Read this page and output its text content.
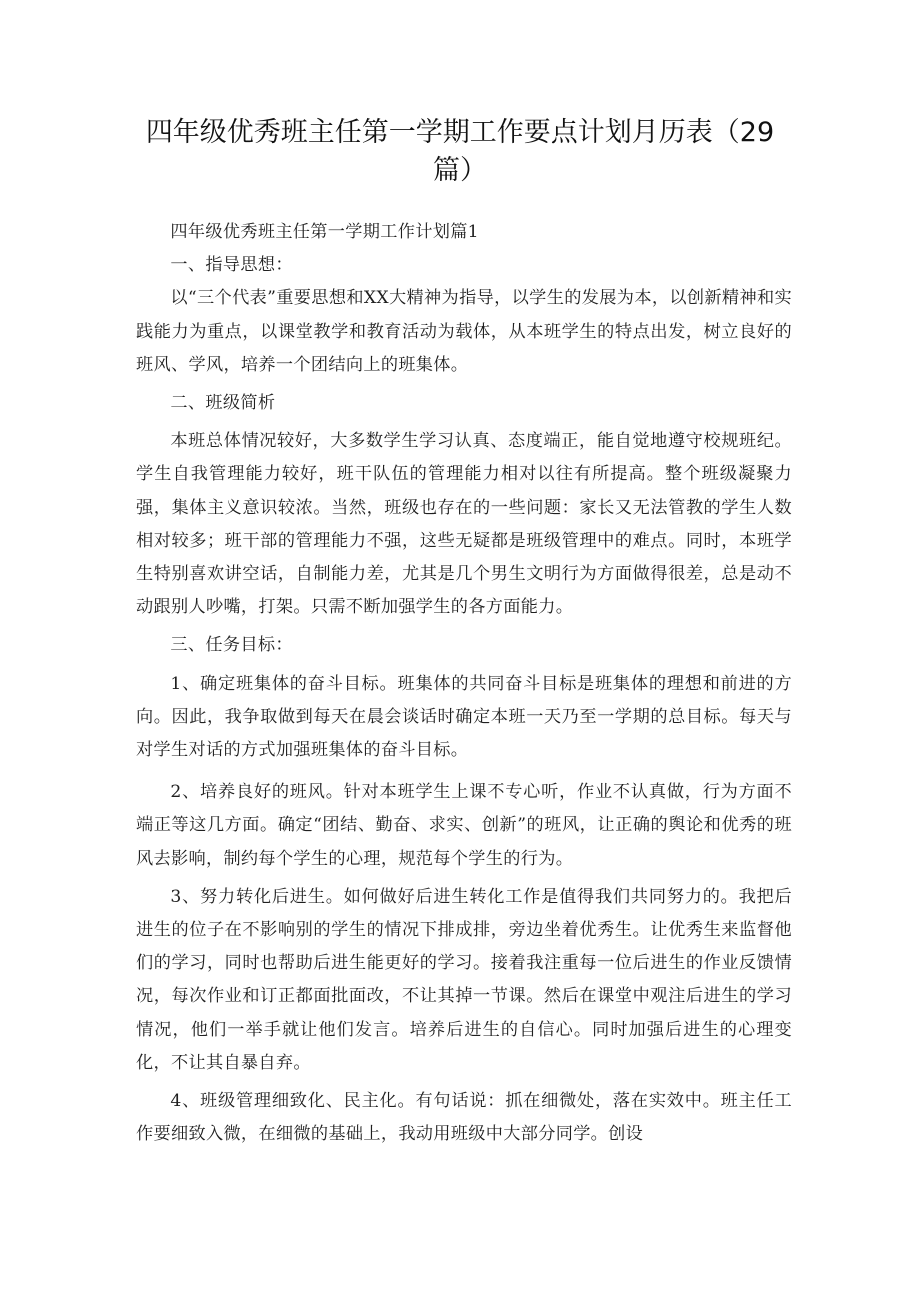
四年级优秀班主任第一学期工作要点计划月历表（29篇）

四年级优秀班主任第一学期工作计划篇1

一、指导思想：

以“三个代表”重要思想和XX大精神为指导，以学生的发展为本，以创新精神和实践能力为重点，以课堂教学和教育活动为载体，从本班学生的特点出发，树立良好的班风、学风，培养一个团结向上的班集体。

二、班级简析

本班总体情况较好，大多数学生学习认真、态度端正，能自觉地遵守校规班纪。学生自我管理能力较好，班干队伍的管理能力相对以往有所提高。整个班级凝聚力强，集体主义意识较浓。当然，班级也存在的一些问题：家长又无法管教的学生人数相对较多；班干部的管理能力不强，这些无疑都是班级管理中的难点。同时，本班学生特别喜欢讲空话，自制能力差，尤其是几个男生文明行为方面做得很差，总是动不动跟别人吵嘴，打架。只需不断加强学生的各方面能力。

三、任务目标：

1、确定班集体的奋斗目标。班集体的共同奋斗目标是班集体的理想和前进的方向。因此，我争取做到每天在晨会谈话时确定本班一天乃至一学期的总目标。每天与对学生对话的方式加强班集体的奋斗目标。

2、培养良好的班风。针对本班学生上课不专心听，作业不认真做，行为方面不端正等这几方面。确定“团结、勤奋、求实、创新”的班风，让正确的舆论和优秀的班风去影响，制约每个学生的心理，规范每个学生的行为。

3、努力转化后进生。如何做好后进生转化工作是值得我们共同努力的。我把后进生的位子在不影响别的学生的情况下排成排，旁边坐着优秀生。让优秀生来监督他们的学习，同时也帮助后进生能更好的学习。接着我注重每一位后进生的作业反馈情况，每次作业和订正都面批面改，不让其掉一节课。然后在课堂中观注后进生的学习情况，他们一举手就让他们发言。培养后进生的自信心。同时加强后进生的心理变化，不让其自暴自弃。

4、班级管理细致化、民主化。有句话说：抓在细微处，落在实效中。班主任工作要细致入微，在细微的基础上，我动用班级中大部分同学。创设
